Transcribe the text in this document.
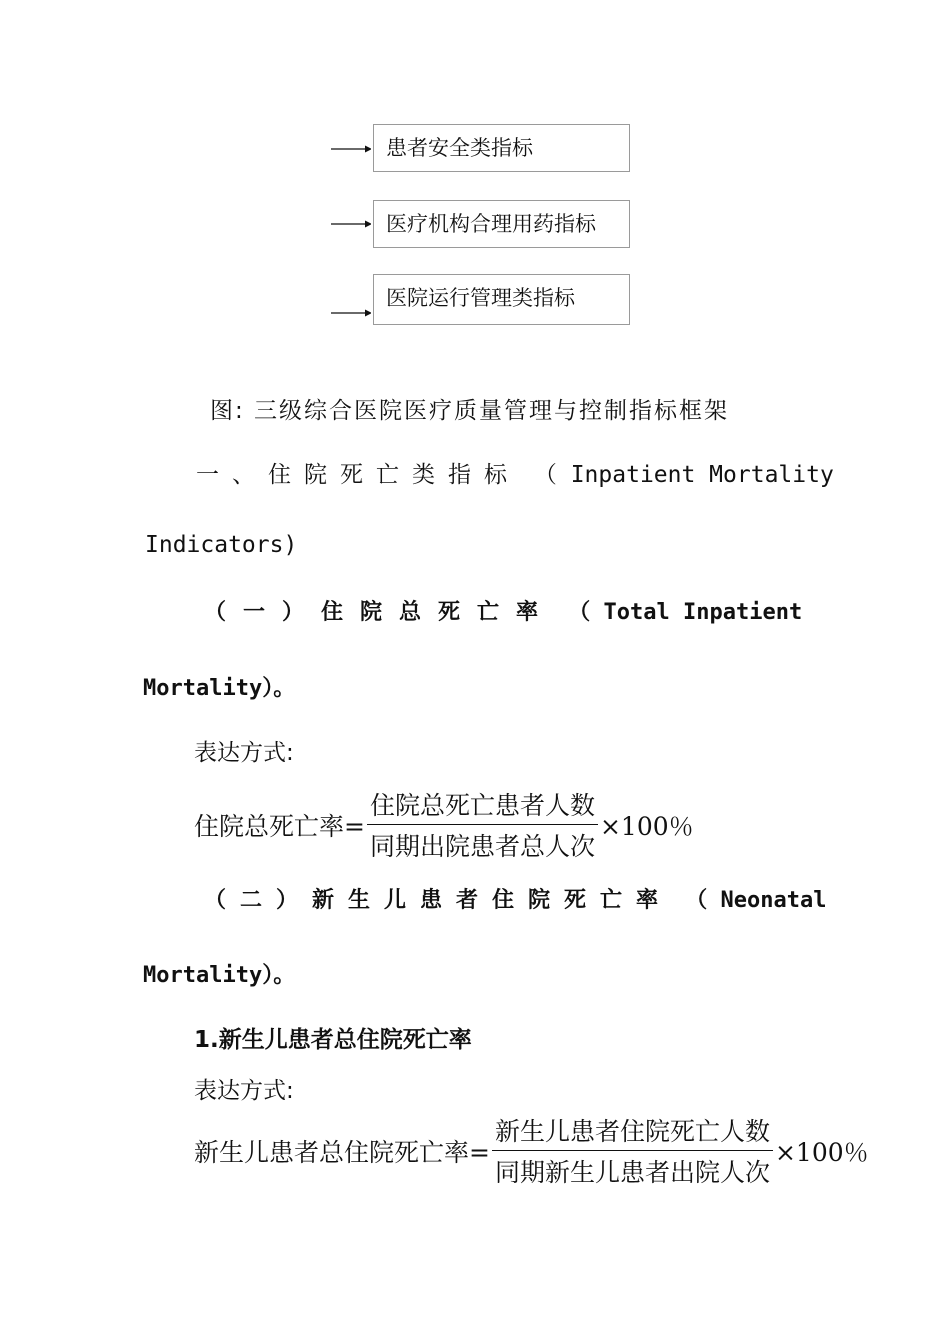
患者安全类指标
医疗机构合理用药指标
医院运行管理类指标
图: 三级综合医院医疗质量管理与控制指标框架
一、住院死亡类指标 （ Inpatient Mortality
Indicators)
（一）住院总死亡率 （ Total Inpatient
Mortality）。
表达方式:
住院总死亡率= $\frac{\text{住院总死亡患者人数}}{\text{同期出院患者总人次}} \times 100$％
（二）新生儿患者住院死亡率 （ Neonatal
Mortality）。
1.新生儿患者总住院死亡率
表达方式:
新生儿患者总住院死亡率= $\frac{\text{新生儿患者住院死亡人数}}{\text{同期新生儿患者出院人次}} \times 100$％
